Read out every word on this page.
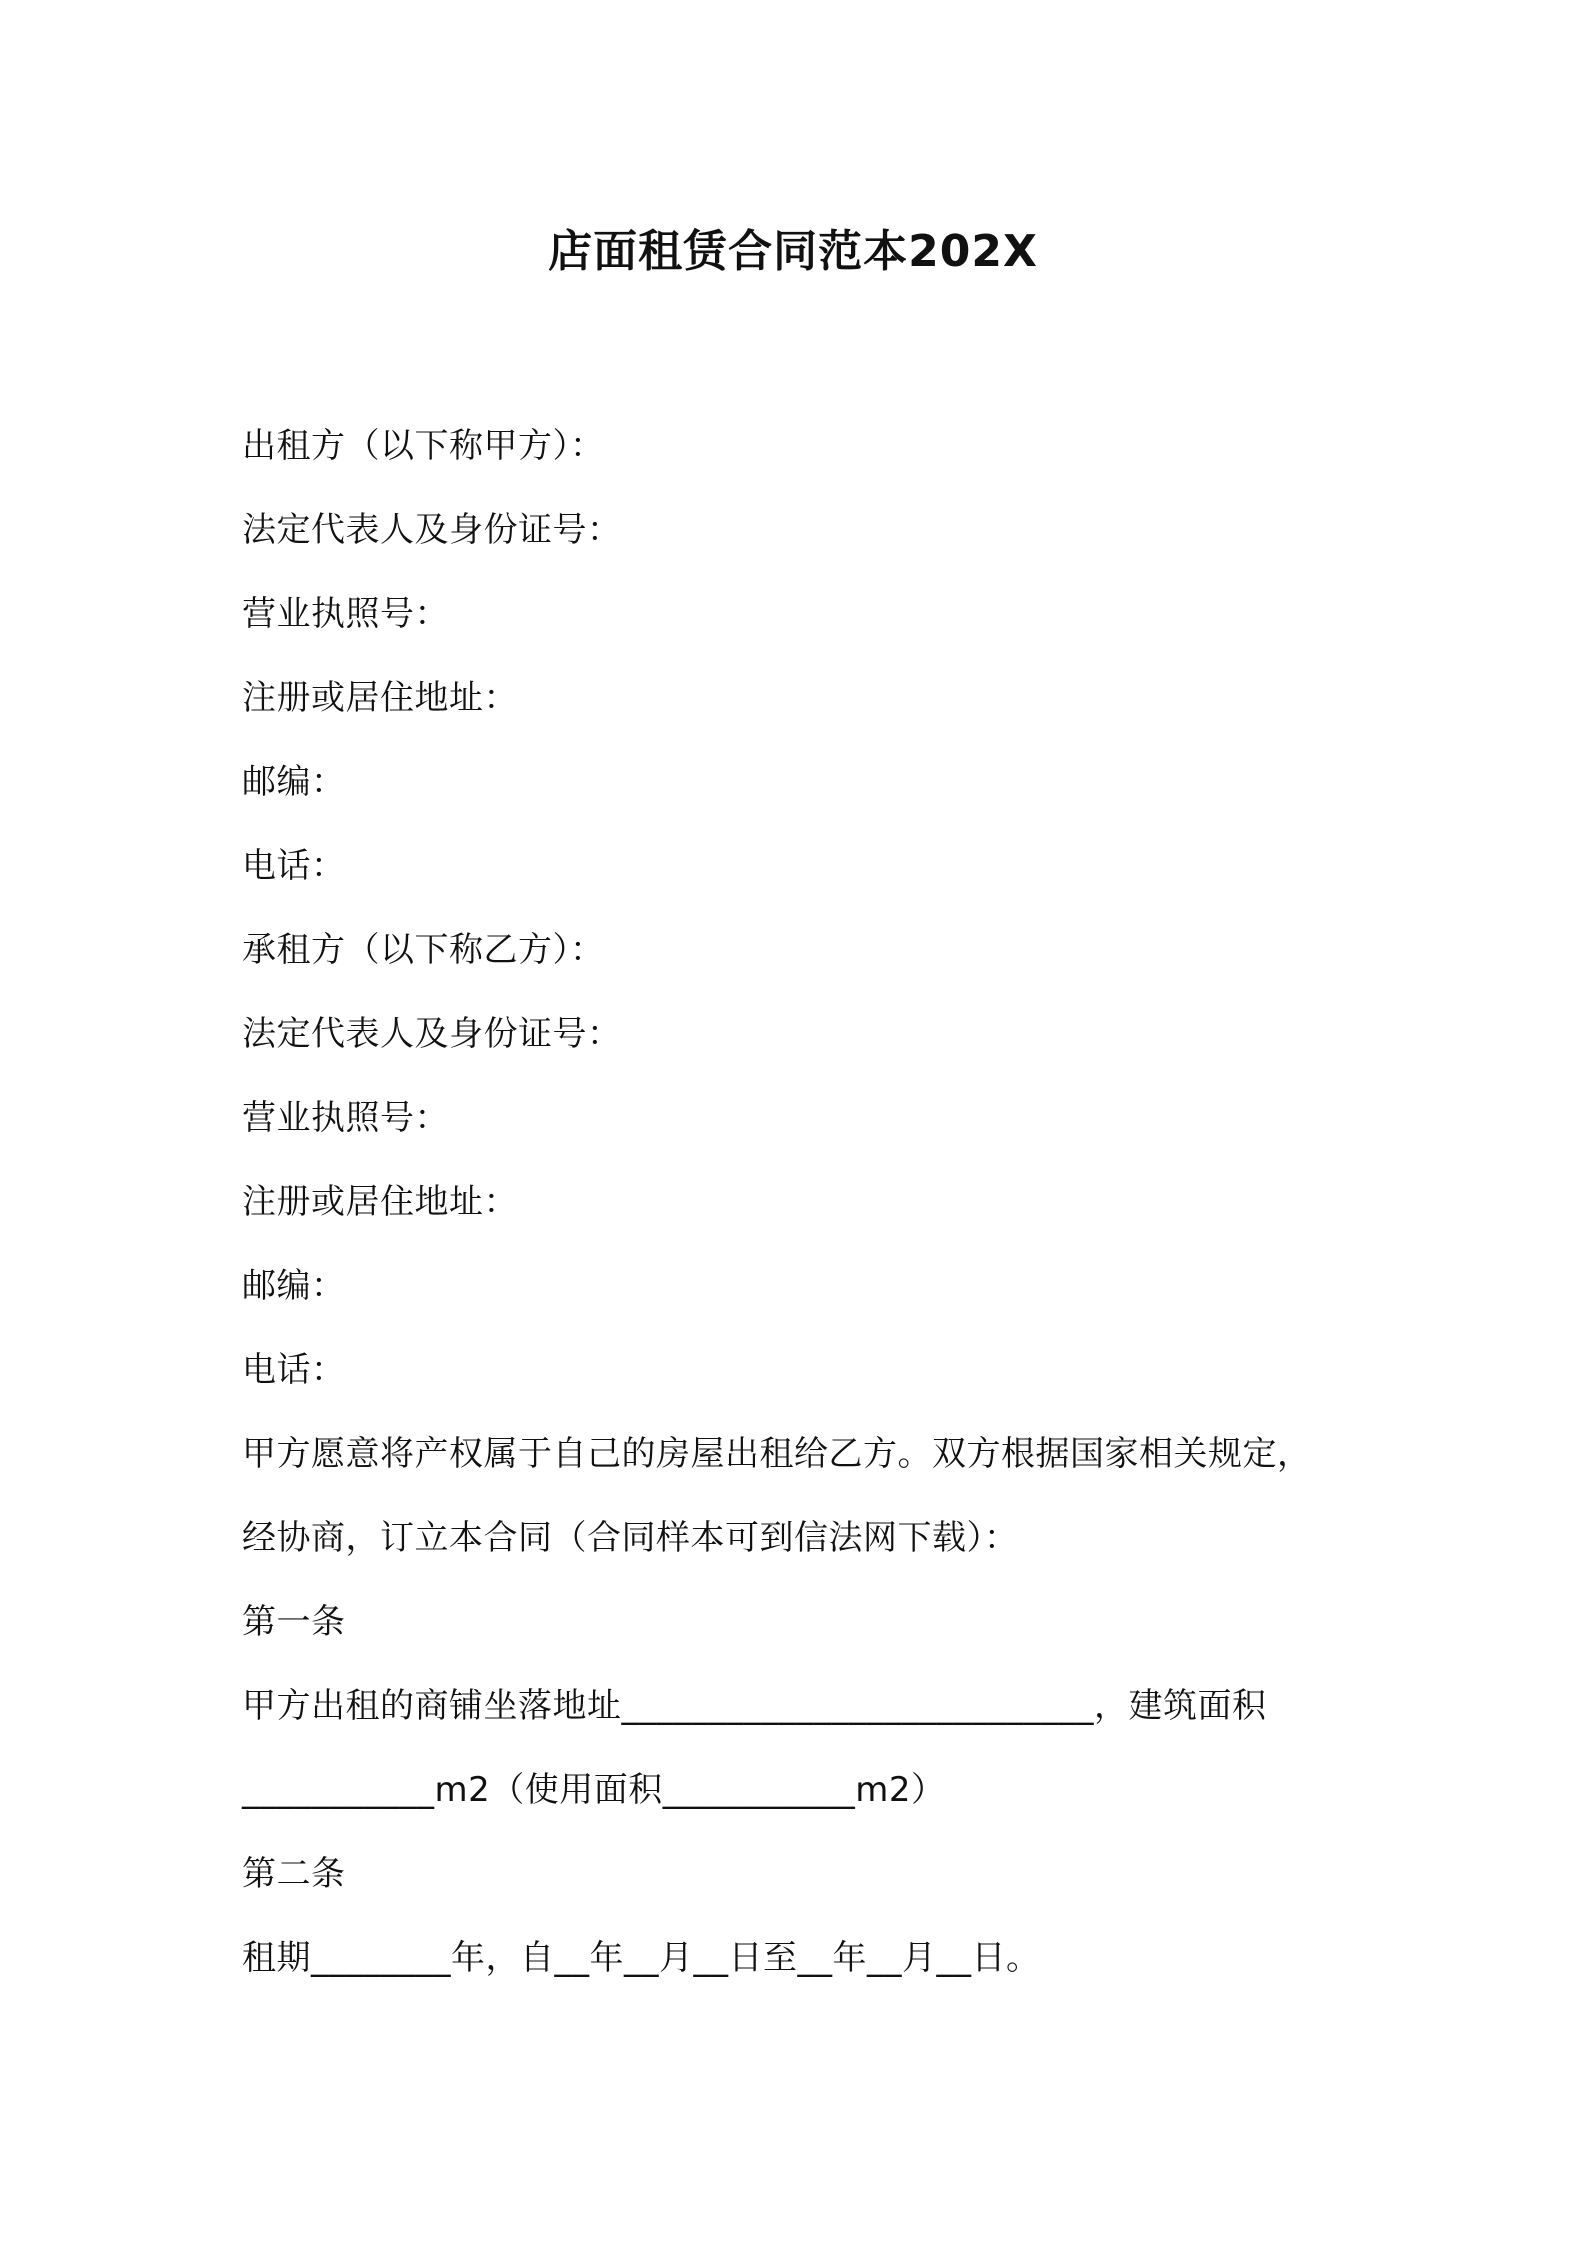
店面租赁合同范本202X
出租方（以下称甲方）：
法定代表人及身份证号：
营业执照号：
注册或居住地址：
邮编：
电话：
承租方（以下称乙方）：
法定代表人及身份证号：
营业执照号：
注册或居住地址：
邮编：
电话：
甲方愿意将产权属于自己的房屋出租给乙方。双方根据国家相关规定，
经协商，订立本合同（合同样本可到信法网下载）：
第一条
甲方出租的商铺坐落地址___________________________，建筑面积
___________m2（使用面积___________m2）
第二条
租期________年，自__年__月__日至__年__月__日。
